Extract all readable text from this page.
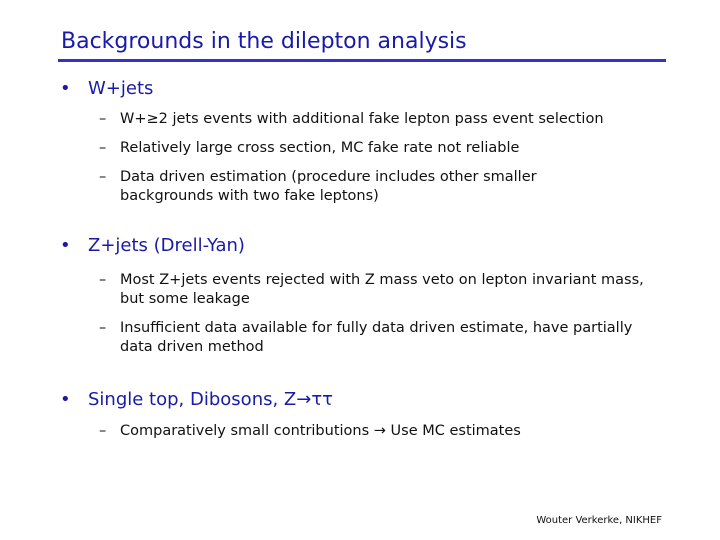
Backgrounds in the dilepton analysis
• W+jets
– W+≥2 jets events with additional fake lepton pass event selection
– Relatively large cross section, MC fake rate not reliable
– Data driven estimation (procedure includes other smaller backgrounds with two fake leptons)
• Z+jets (Drell-Yan)
– Most Z+jets events rejected with Z mass veto on lepton invariant mass, but some leakage
– Insufficient data available for fully data driven estimate, have partially data driven method
• Single top, Dibosons, Z→ττ
– Comparatively small contributions → Use MC estimates
Wouter Verkerke, NIKHEF
